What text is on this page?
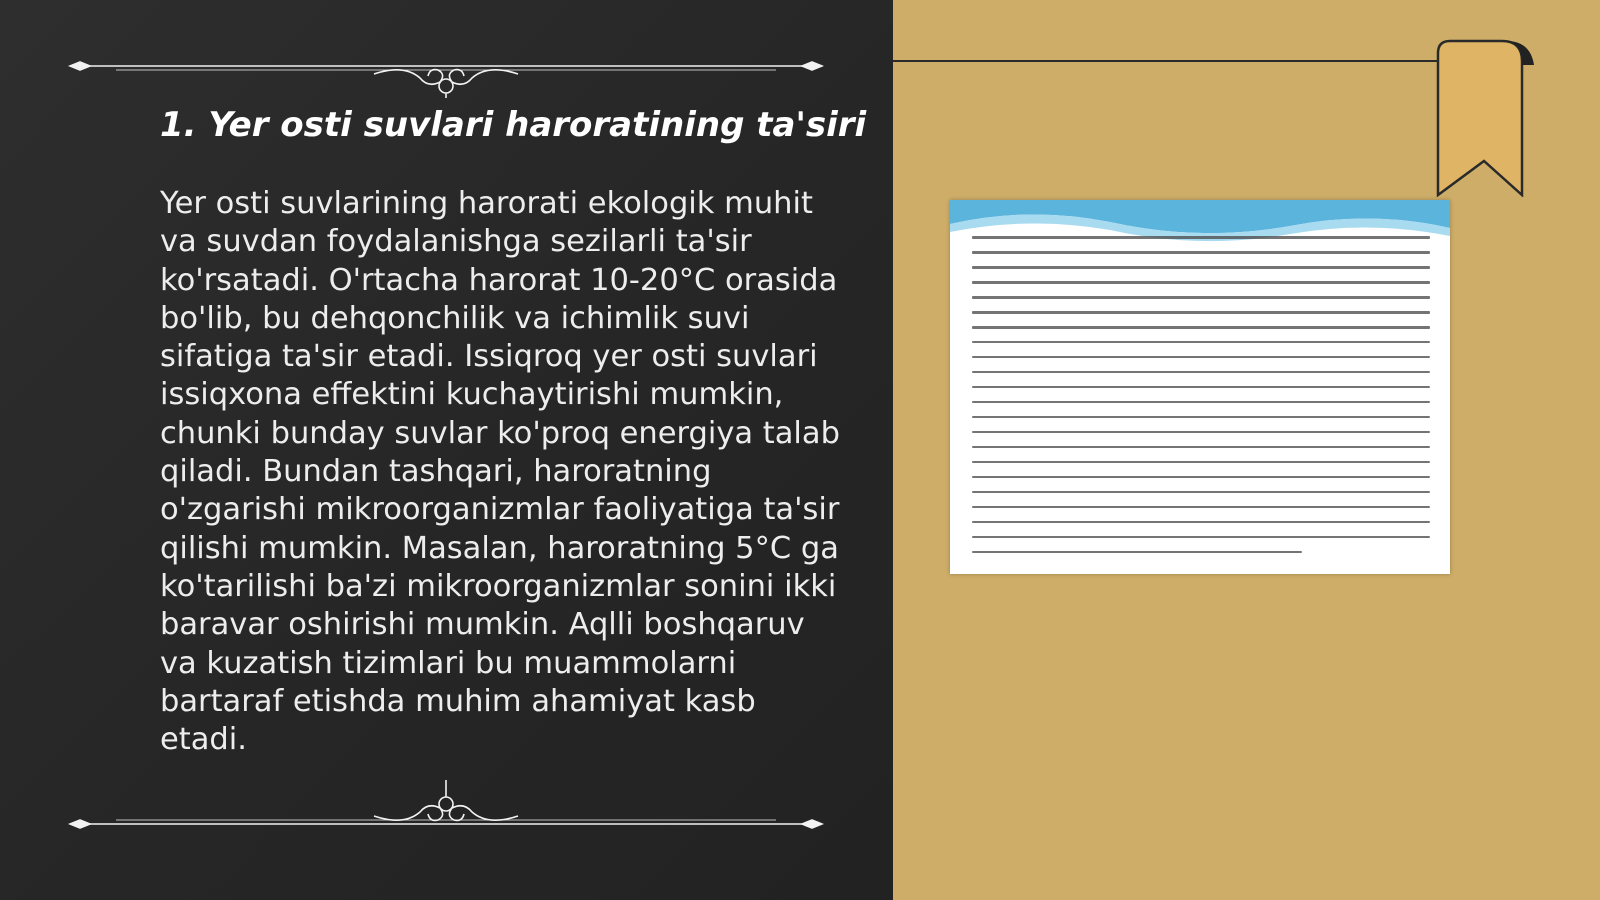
1. Yer osti suvlari haroratining ta'siri

Yer osti suvlarining harorati ekologik muhit va suvdan foydalanishga sezilarli ta'sir ko'rsatadi. O'rtacha harorat 10-20°C orasida bo'lib, bu dehqonchilik va ichimlik suvi sifatiga ta'sir etadi. Issiqroq yer osti suvlari issiqxona effektini kuchaytirishi mumkin, chunki bunday suvlar ko'proq energiya talab qiladi. Bundan tashqari, haroratning o'zgarishi mikroorganizmlar faoliyatiga ta'sir qilishi mumkin. Masalan, haroratning 5°C ga ko'tarilishi ba'zi mikroorganizmlar sonini ikki baravar oshirishi mumkin. Aqlli boshqaruv va kuzatish tizimlari bu muammolarni bartaraf etishda muhim ahamiyat kasb etadi.
